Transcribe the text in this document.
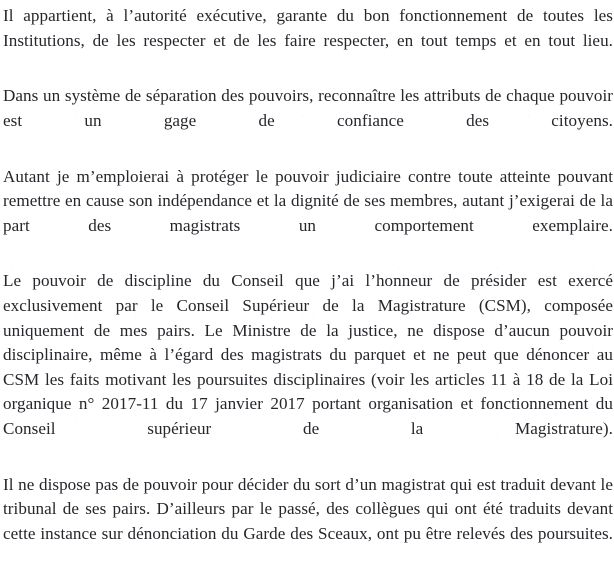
Il appartient, à l’autorité exécutive, garante du bon fonctionnement de toutes les Institutions, de les respecter et de les faire respecter, en tout temps et en tout lieu.

Dans un système de séparation des pouvoirs, reconnaître les attributs de chaque pouvoir est un gage de confiance des citoyens.

Autant je m’emploierai à protéger le pouvoir judiciaire contre toute atteinte pouvant remettre en cause son indépendance et la dignité de ses membres, autant j’exigerai de la part des magistrats un comportement exemplaire.

Le pouvoir de discipline du Conseil que j’ai l’honneur de présider est exercé exclusivement par le Conseil Supérieur de la Magistrature (CSM), composée uniquement de mes pairs. Le Ministre de la justice, ne dispose d’aucun pouvoir disciplinaire, même à l’égard des magistrats du parquet et ne peut que dénoncer au CSM les faits motivant les poursuites disciplinaires (voir les articles 11 à 18 de la Loi organique n° 2017-11 du 17 janvier 2017 portant organisation et fonctionnement du Conseil supérieur de la Magistrature).

Il ne dispose pas de pouvoir pour décider du sort d’un magistrat qui est traduit devant le tribunal de ses pairs. D’ailleurs par le passé, des collègues qui ont été traduits devant cette instance sur dénonciation du Garde des Sceaux, ont pu être relevés des poursuites.
